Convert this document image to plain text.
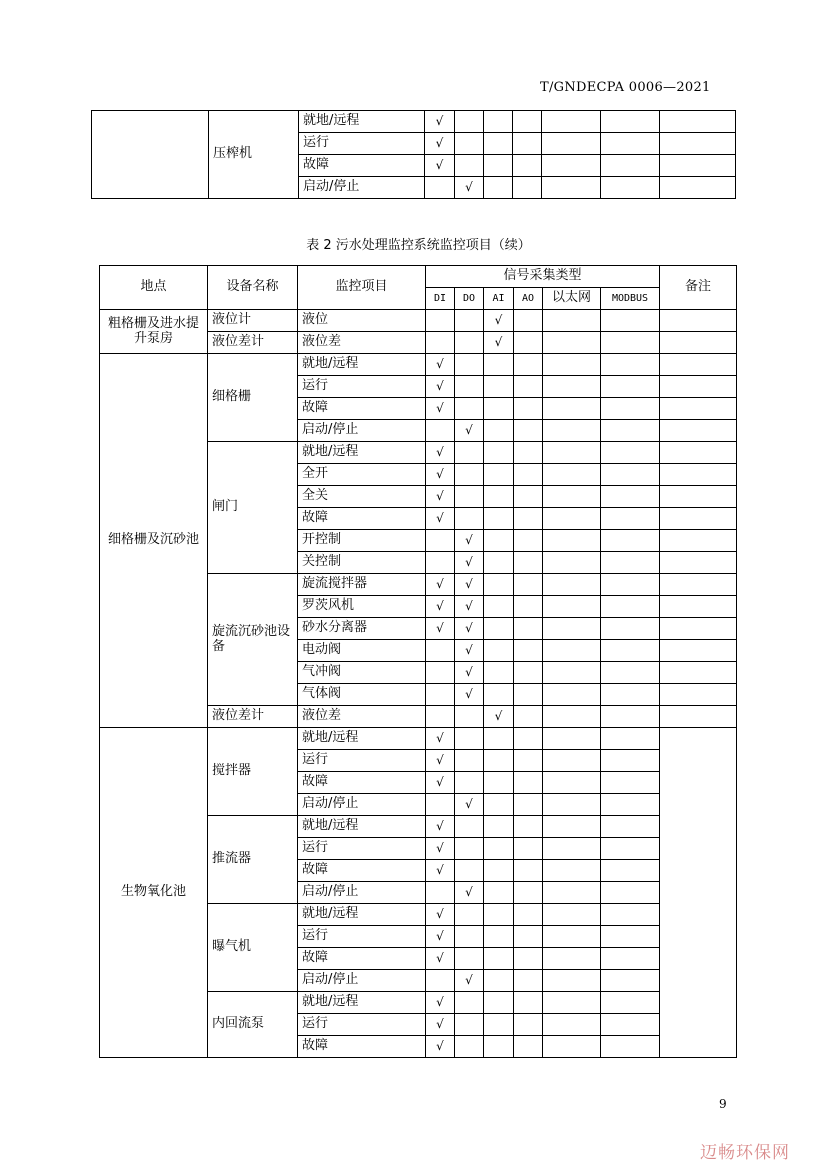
T/GNDECPA 0006—2021
	压榨机	就地/远程	√						
		运行	√						
		故障	√						
		启动/停止		√					
表 2 污水处理监控系统监控项目（续）
地点	设备名称	监控项目	信号采集类型						备注
			DI	DO	AI	AO	以太网	MODBUS	
粗格栅及进水提升泵房	液位计	液位			√				
	液位差计	液位差			√				
细格栅及沉砂池	细格栅	就地/远程	√						
		运行	√						
		故障	√						
		启动/停止		√					
	闸门	就地/远程	√						
		全开	√						
		全关	√						
		故障	√						
		开控制		√					
		关控制		√					
	旋流沉砂池设备	旋流搅拌器	√	√					
		罗茨风机	√	√					
		砂水分离器	√	√					
		电动阀		√					
		气冲阀		√					
		气体阀		√					
	液位差计	液位差			√				
生物氧化池	搅拌器	就地/远程	√						
		运行	√						
		故障	√						
		启动/停止		√					
	推流器	就地/远程	√						
		运行	√						
		故障	√						
		启动/停止		√					
	曝气机	就地/远程	√						
		运行	√						
		故障	√						
		启动/停止		√					
	内回流泵	就地/远程	√						
		运行	√						
		故障	√						
9
迈畅环保网
